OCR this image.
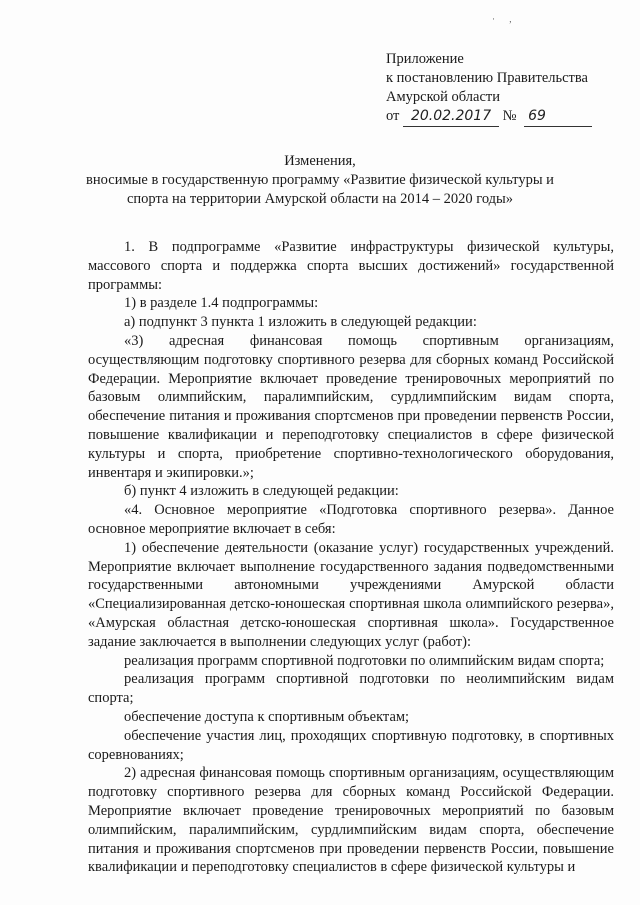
· ,
Приложение
к постановлению Правительства
Амурской области
от 20.02.2017 № 69
Изменения,
вносимые в государственную программу «Развитие физической культуры и
спорта на территории Амурской области на 2014 – 2020 годы»

1. В подпрограмме «Развитие инфраструктуры физической культуры, массового спорта и поддержка спорта высших достижений» государственной программы:

1) в разделе 1.4 подпрограммы:

а) подпункт 3 пункта 1 изложить в следующей редакции:

«3) адресная финансовая помощь спортивным организациям, осуществляющим подготовку спортивного резерва для сборных команд Российской Федерации. Мероприятие включает проведение тренировочных мероприятий по базовым олимпийским, паралимпийским, сурдлимпийским видам спорта, обеспечение питания и проживания спортсменов при проведении первенств России, повышение квалификации и переподготовку специалистов в сфере физической культуры и спорта, приобретение спортивно-технологического оборудования, инвентаря и экипировки.»;

б) пункт 4 изложить в следующей редакции:

«4. Основное мероприятие «Подготовка спортивного резерва». Данное основное мероприятие включает в себя:

1) обеспечение деятельности (оказание услуг) государственных учреждений. Мероприятие включает выполнение государственного задания подведомственными государственными автономными учреждениями Амурской области «Специализированная детско-юношеская спортивная школа олимпийского резерва», «Амурская областная детско-юношеская спортивная школа». Государственное задание заключается в выполнении следующих услуг (работ):

реализация программ спортивной подготовки по олимпийским видам спорта;

реализация программ спортивной подготовки по неолимпийским видам спорта;

обеспечение доступа к спортивным объектам;

обеспечение участия лиц, проходящих спортивную подготовку, в спортивных соревнованиях;

2) адресная финансовая помощь спортивным организациям, осуществляющим подготовку спортивного резерва для сборных команд Российской Федерации. Мероприятие включает проведение тренировочных мероприятий по базовым олимпийским, паралимпийским, сурдлимпийским видам спорта, обеспечение питания и проживания спортсменов при проведении первенств России, повышение квалификации и переподготовку специалистов в сфере физической культуры и
